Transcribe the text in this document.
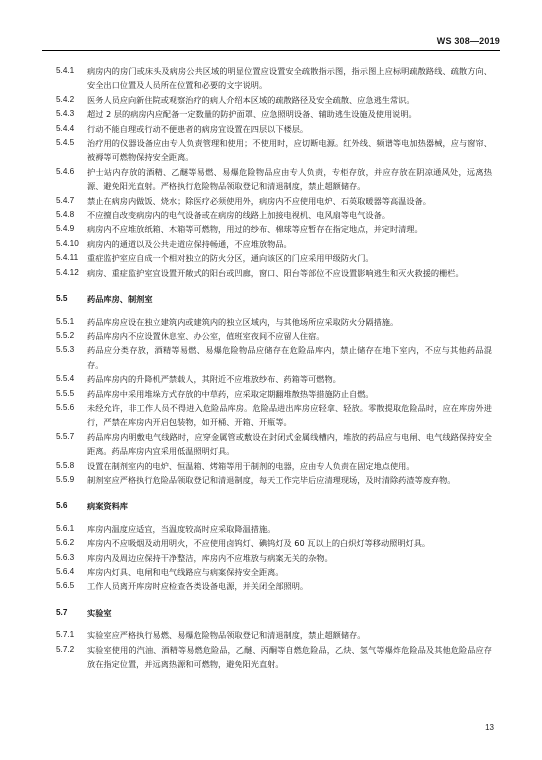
WS 308—2019

5.4.1 病房内的房门或床头及病房公共区域的明显位置应设置安全疏散指示图，指示图上应标明疏散路线、疏散方向、安全出口位置及人员所在位置和必要的文字说明。

5.4.2 医务人员应向新住院或观察治疗的病人介绍本区域的疏散路径及安全疏散、应急逃生常识。

5.4.3 超过 2 层的病房内应配备一定数量的防护面罩、应急照明设备、辅助逃生设施及使用说明。

5.4.4 行动不能自理或行动不便患者的病房宜设置在四层以下楼层。

5.4.5 治疗用的仪器设备应由专人负责管理和使用；不使用时，应切断电源。红外线、频谱等电加热器械，应与窗帘、被褥等可燃物保持安全距离。

5.4.6 护士站内存放的酒精、乙醚等易燃、易爆危险物品应由专人负责，专柜存放，并应存放在阴凉通风处，远离热源、避免阳光直射。严格执行危险物品领取登记和清退制度，禁止超额储存。

5.4.7 禁止在病房内做饭、烧水；除医疗必须使用外，病房内不应使用电炉、石英取暖器等高温设备。

5.4.8 不应擅自改变病房内的电气设备或在病房的线路上加接电视机、电风扇等电气设备。

5.4.9 病房内不应堆放纸箱、木箱等可燃物，用过的纱布、棉球等应暂存在指定地点，并定时清理。

5.4.10 病房内的通道以及公共走道应保持畅通，不应堆放物品。

5.4.11 重症监护室应自成一个相对独立的防火分区，通向该区的门应采用甲级防火门。

5.4.12 病房、重症监护室宜设置开敞式的阳台或凹廊，窗口、阳台等部位不应设置影响逃生和灭火救援的栅栏。

5.5 药品库房、制剂室

5.5.1 药品库房应设在独立建筑内或建筑内的独立区域内，与其他场所应采取防火分隔措施。

5.5.2 药品库房内不应设置休息室、办公室，值班室夜间不应留人住宿。

5.5.3 药品应分类存放，酒精等易燃、易爆危险物品应储存在危险品库内，禁止储存在地下室内，不应与其他药品混存。

5.5.4 药品库房内的升降机严禁载人，其附近不应堆放纱布、药箱等可燃物。

5.5.5 药品库房中采用堆垛方式存放的中草药，应采取定期翻堆散热等措施防止自燃。

5.5.6 未经允许，非工作人员不得进入危险品库房。危险品进出库房应轻拿、轻放。零散提取危险品时，应在库房外进行，严禁在库房内开启包装物，如开桶、开箱、开瓶等。

5.5.7 药品库房内明敷电气线路时，应穿金属管或敷设在封闭式金属线槽内，堆放的药品应与电闸、电气线路保持安全距离。药品库房内宜采用低温照明灯具。

5.5.8 设置在制剂室内的电炉、恒温箱、烤箱等用于制剂的电器，应由专人负责在固定地点使用。

5.5.9 制剂室应严格执行危险品领取登记和清退制度，每天工作完毕后应清理现场，及时清除药渣等废弃物。

5.6 病案资料库

5.6.1 库房内温度应适宜，当温度较高时应采取降温措施。

5.6.2 库房内不应吸烟及动用明火，不应使用卤钨灯、碘钨灯及 60 瓦以上的白炽灯等移动照明灯具。

5.6.3 库房内及周边应保持干净整洁，库房内不应堆放与病案无关的杂物。

5.6.4 库房内灯具、电闸和电气线路应与病案保持安全距离。

5.6.5 工作人员离开库房时应检查各类设备电源，并关闭全部照明。

5.7 实验室

5.7.1 实验室应严格执行易燃、易爆危险物品领取登记和清退制度，禁止超额储存。

5.7.2 实验室使用的汽油、酒精等易燃危险品，乙醚、丙酮等自燃危险品，乙炔、氢气等爆炸危险品及其他危险品应存放在指定位置，并远离热源和可燃物，避免阳光直射。

13
